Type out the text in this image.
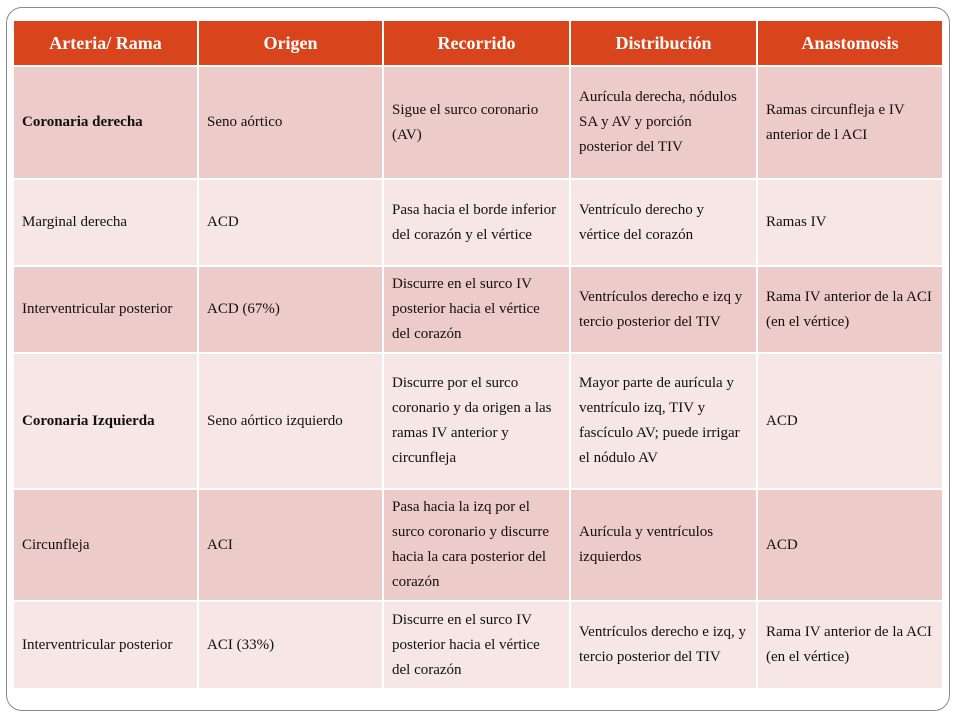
Arteria/ Rama	Origen	Recorrido	Distribución	Anastomosis
Coronaria derecha	Seno aórtico	Sigue el surco coronario (AV)	Aurícula derecha, nódulos SA y AV y porción posterior del TIV	Ramas circunfleja e IV anterior de l ACI
Marginal derecha	ACD	Pasa hacia el borde inferior del corazón y el vértice	Ventrículo derecho y vértice del corazón	Ramas IV
Interventricular posterior	ACD (67%)	Discurre en el surco IV posterior hacia el vértice del corazón	Ventrículos derecho e izq y tercio posterior del TIV	Rama IV anterior de la ACI (en el vértice)
Coronaria Izquierda	Seno aórtico izquierdo	Discurre por el surco coronario y da origen a las ramas IV anterior y circunfleja	Mayor parte de aurícula y ventrículo izq, TIV y fascículo AV; puede irrigar el nódulo AV	ACD
Circunfleja	ACI	Pasa hacia la izq por el surco coronario y discurre hacia la cara posterior del corazón	Aurícula y ventrículos izquierdos	ACD
Interventricular posterior	ACI (33%)	Discurre en el surco IV posterior hacia el vértice del corazón	Ventrículos derecho e izq, y tercio posterior del TIV	Rama IV anterior de la ACI (en el vértice)
